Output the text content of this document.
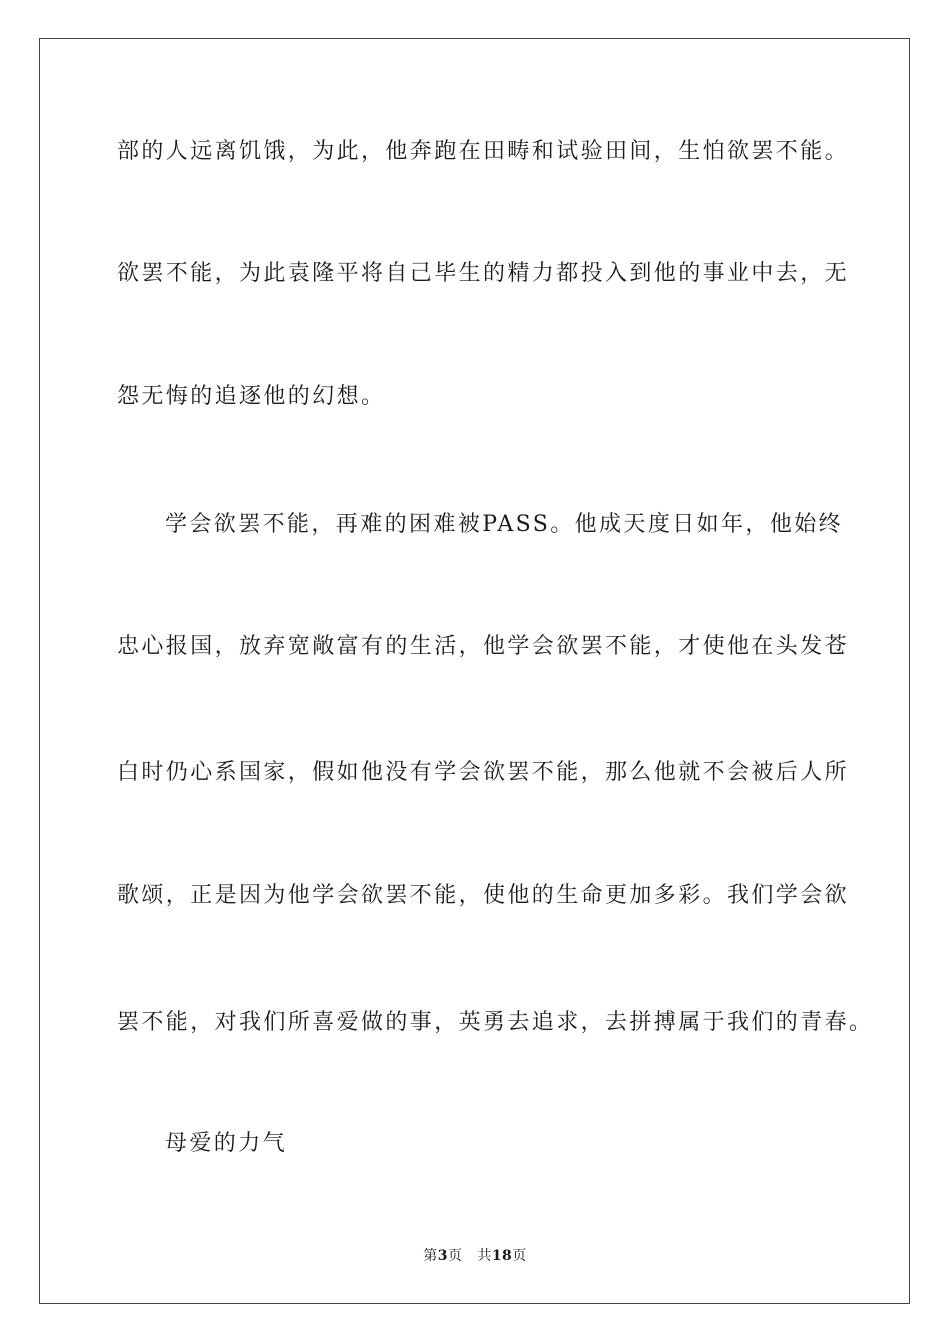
部的人远离饥饿，为此，他奔跑在田畴和试验田间，生怕欲罢不能。
欲罢不能，为此袁隆平将自己毕生的精力都投入到他的事业中去，无
怨无悔的追逐他的幻想。
学会欲罢不能，再难的困难被PASS。他成天度日如年，他始终
忠心报国，放弃宽敞富有的生活，他学会欲罢不能，才使他在头发苍
白时仍心系国家，假如他没有学会欲罢不能，那么他就不会被后人所
歌颂，正是因为他学会欲罢不能，使他的生命更加多彩。我们学会欲
罢不能，对我们所喜爱做的事，英勇去追求，去拼搏属于我们的青春。
母爱的力气
第3页 共18页
